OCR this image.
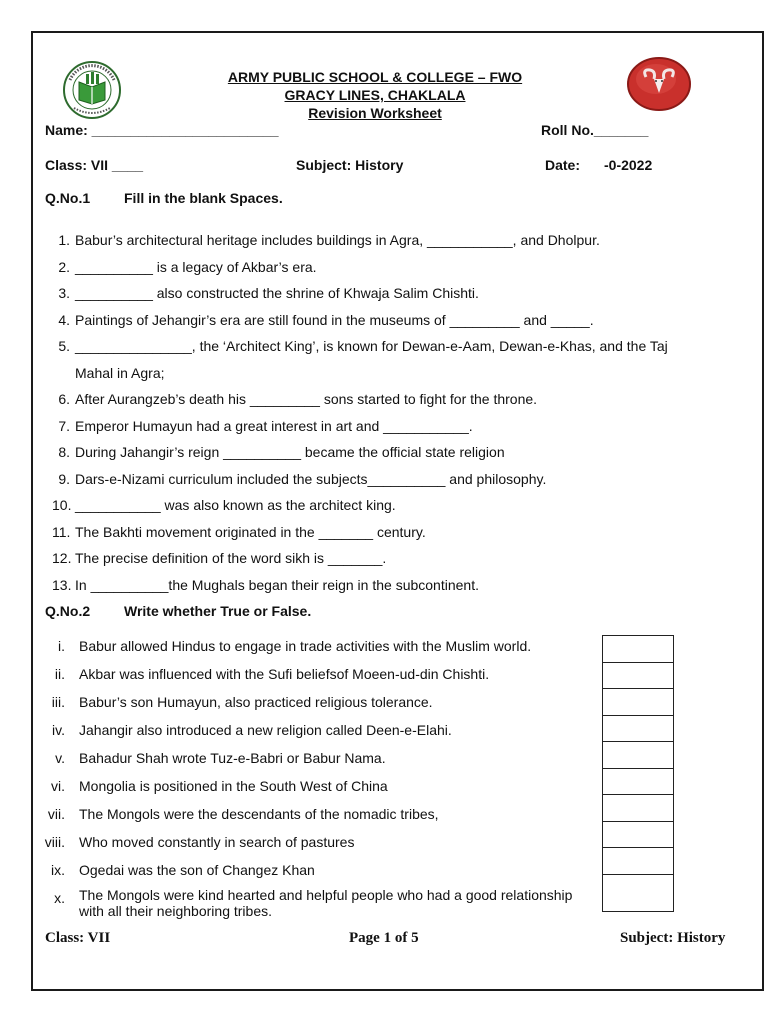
ARMY PUBLIC SCHOOL & COLLEGE – FWO
GRACY LINES, CHAKLALA
Revision Worksheet
Name: ________________________	Roll No._______
Class: VII ____	Subject: History	Date: -0-2022
Q.No.1 Fill in the blank Spaces.
1. Babur’s architectural heritage includes buildings in Agra, ___________, and Dholpur.
2. __________ is a legacy of Akbar’s era.
3. __________ also constructed the shrine of Khwaja Salim Chishti.
4. Paintings of Jehangir’s era are still found in the museums of _________ and _____.
5. _______________, the ‘Architect King’, is known for Dewan-e-Aam, Dewan-e-Khas, and the Taj
Mahal in Agra;
6. After Aurangzeb’s death his _________ sons started to fight for the throne.
7. Emperor Humayun had a great interest in art and ___________.
8. During Jahangir’s reign __________ became the official state religion
9. Dars-e-Nizami curriculum included the subjects__________ and philosophy.
10. ___________ was also known as the architect king.
11. The Bakhti movement originated in the _______ century.
12. The precise definition of the word sikh is _______.
13. In __________the Mughals began their reign in the subcontinent.
Q.No.2 Write whether True or False.
i. Babur allowed Hindus to engage in trade activities with the Muslim world.
ii. Akbar was influenced with the Sufi beliefsof Moeen-ud-din Chishti.
iii. Babur’s son Humayun, also practiced religious tolerance.
iv. Jahangir also introduced a new religion called Deen-e-Elahi.
v. Bahadur Shah wrote Tuz-e-Babri or Babur Nama.
vi. Mongolia is positioned in the South West of China
vii. The Mongols were the descendants of the nomadic tribes,
viii. Who moved constantly in search of pastures
ix. Ogedai was the son of Changez Khan
x. The Mongols were kind hearted and helpful people who had a good relationship with all their neighboring tribes.
Class: VII	Page 1 of 5	Subject: History
